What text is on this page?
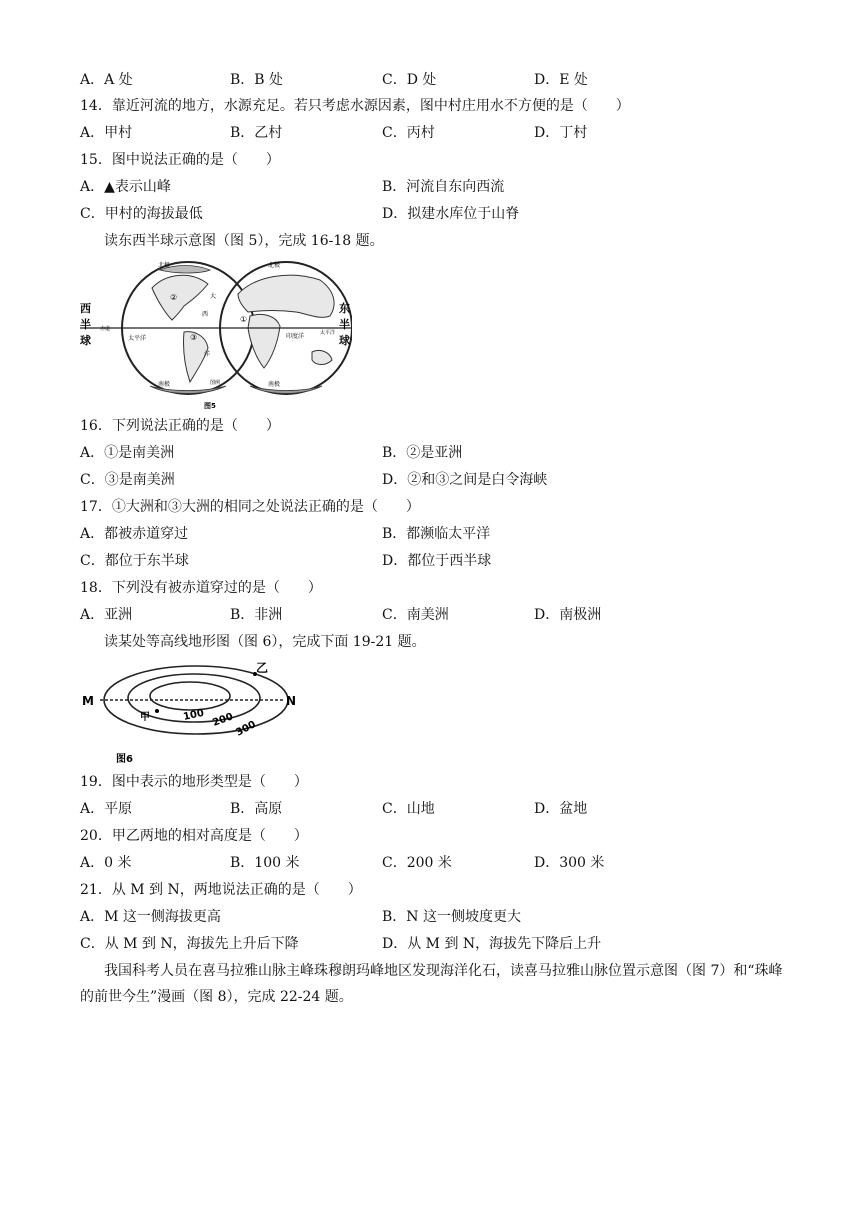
A．A 处	B．B 处	C．D 处	D．E 处
14．靠近河流的地方，水源充足。若只考虑水源因素，图中村庄用水不方便的是（　　）
A．甲村	B．乙村	C．丙村	D．丁村
15．图中说法正确的是（　　）
A．▲表示山峰	B．河流自东向西流
C．甲村的海拔最低	D．拟建水库位于山脊
读东西半球示意图（图 5），完成 16-18 题。
西
半
球
东
半
球
北极
南极
北极
南极
太平洋
大
西
洋
赤道
②
③
①
印度洋	太平洋
图例
图5
16．下列说法正确的是（　　）
A．①是南美洲	B．②是亚洲
C．③是南美洲	D．②和③之间是白令海峡
17．①大洲和③大洲的相同之处说法正确的是（　　）
A．都被赤道穿过	B．都濒临太平洋
C．都位于东半球	D．都位于西半球
18．下列没有被赤道穿过的是（　　）
A．亚洲	B．非洲	C．南美洲	D．南极洲
读某处等高线地形图（图 6），完成下面 19-21 题。
M	N
乙
甲	100 200 300
图6
19．图中表示的地形类型是（　　）
A．平原	B．高原	C．山地	D．盆地
20．甲乙两地的相对高度是（　　）
A．0 米	B．100 米	C．200 米	D．300 米
21．从 M 到 N，两地说法正确的是（　　）
A．M 这一侧海拔更高	B．N 这一侧坡度更大
C．从 M 到 N，海拔先上升后下降	D．从 M 到 N，海拔先下降后上升
我国科考人员在喜马拉雅山脉主峰珠穆朗玛峰地区发现海洋化石，读喜马拉雅山脉位置示意图（图 7）和“珠峰的前世今生”漫画（图 8），完成 22-24 题。
